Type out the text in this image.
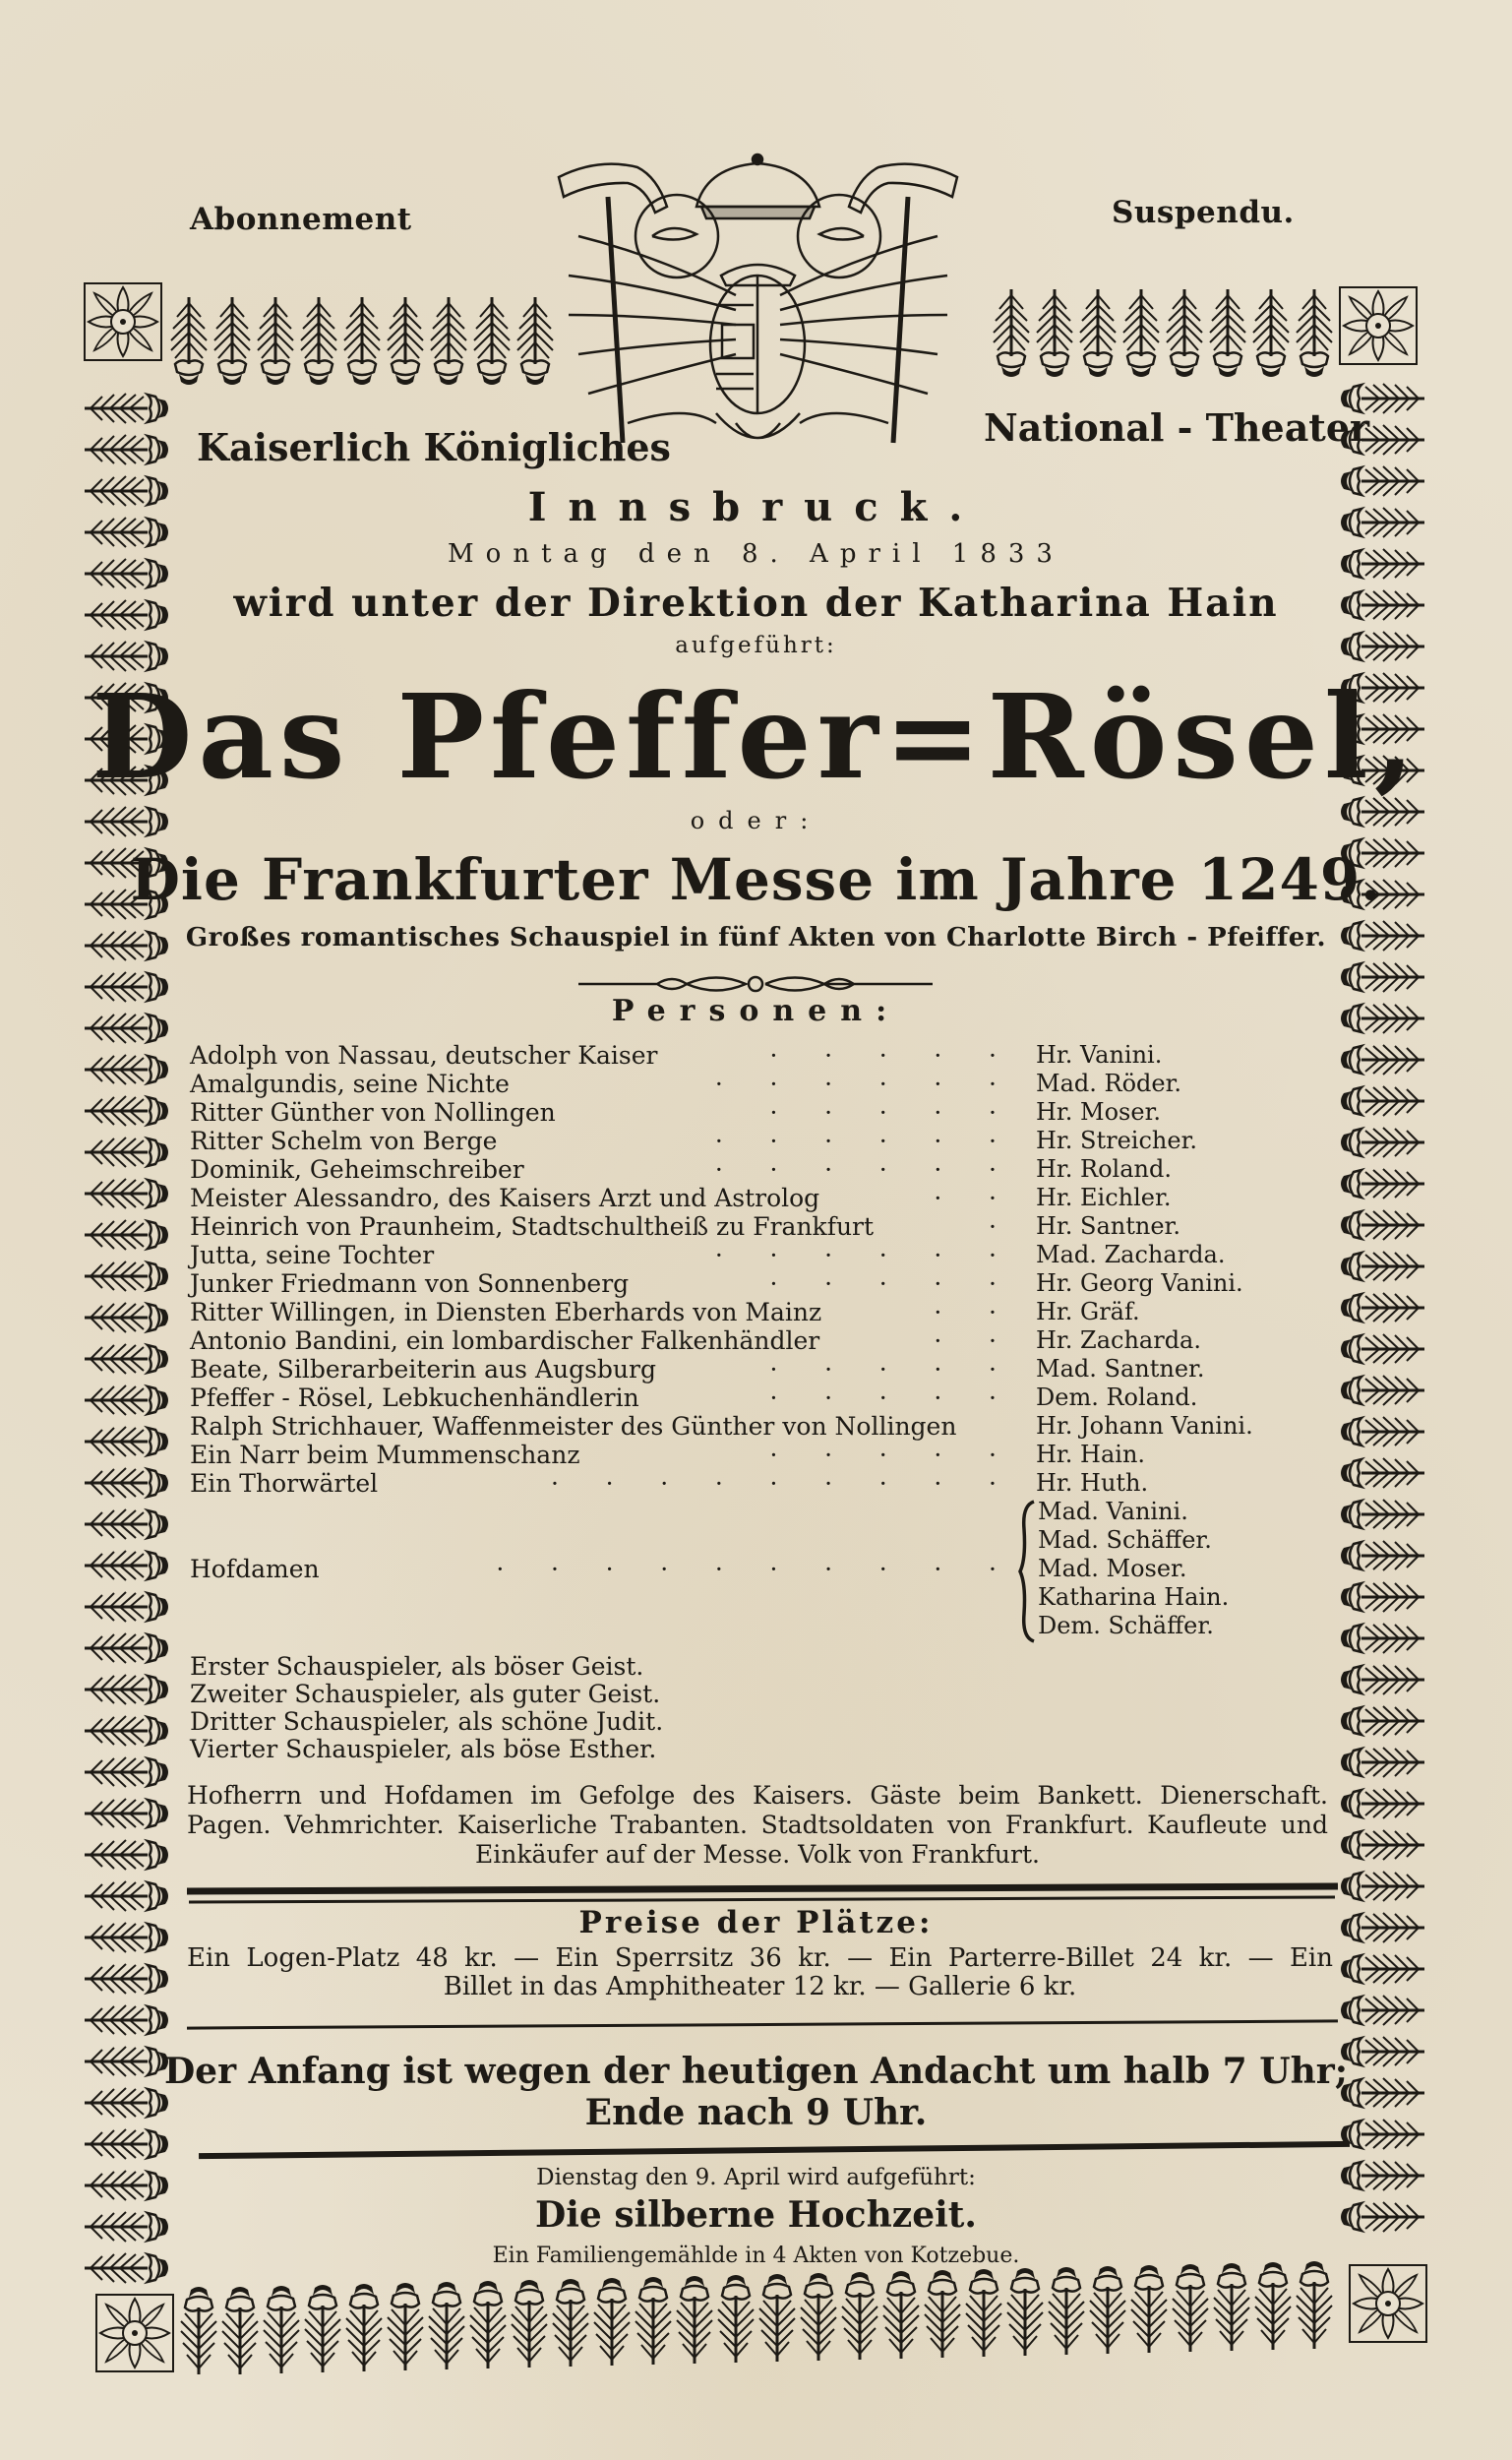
Abonnement	Suspendu.
Kaiserlich Königliches	National - Theater
Innsbruck.
Montag den 8. April 1833
wird unter der Direktion der Katharina Hain
aufgeführt:
Das Pfeffer=Rösel,
oder:
Die Frankfurter Messe im Jahre 1249.
Großes romantisches Schauspiel in fünf Akten von Charlotte Birch - Pfeiffer.
Personen:
Adolph von Nassau, deutscher Kaiser	·      ·      ·      ·      · Hr. Vanini.
Amalgundis, seine Nichte	·      ·      ·      ·      ·      · Mad. Röder.
Ritter Günther von Nollingen	·      ·      ·      ·      · Hr. Moser.
Ritter Schelm von Berge	·      ·      ·      ·      ·      · Hr. Streicher.
Dominik, Geheimschreiber	·      ·      ·      ·      ·      · Hr. Roland.
Meister Alessandro, des Kaisers Arzt und Astrolog	·      · Hr. Eichler.
Heinrich von Praunheim, Stadtschultheiß zu Frankfurt	· Hr. Santner.
Jutta, seine Tochter	·      ·      ·      ·      ·      · Mad. Zacharda.
Junker Friedmann von Sonnenberg	·      ·      ·      ·      · Hr. Georg Vanini.
Ritter Willingen, in Diensten Eberhards von Mainz	·      · Hr. Gräf.
Antonio Bandini, ein lombardischer Falkenhändler	·      · Hr. Zacharda.
Beate, Silberarbeiterin aus Augsburg	·      ·      ·      ·      · Mad. Santner.
Pfeffer - Rösel, Lebkuchenhändlerin	·      ·      ·      ·      · Dem. Roland.
Ralph Strichhauer, Waffenmeister des Günther von Nollingen	Hr. Johann Vanini.
Ein Narr beim Mummenschanz	·      ·      ·      ·      · Hr. Hain.
Ein Thorwärtel	·      ·      ·      ·      ·      ·      ·      ·      · Hr. Huth.
Hofdamen	·      ·      ·      ·      ·      ·      ·      ·      ·      ·
Mad. Vanini.
Mad. Schäffer.
Mad. Moser.
Katharina Hain.
Dem. Schäffer.
Erster Schauspieler, als böser Geist.
Zweiter Schauspieler, als guter Geist.
Dritter Schauspieler, als schöne Judit.
Vierter Schauspieler, als böse Esther.
Hofherrn und Hofdamen im Gefolge des Kaisers. Gäste beim Bankett. Dienerschaft.
Pagen. Vehmrichter. Kaiserliche Trabanten. Stadtsoldaten von Frankfurt. Kaufleute und
Einkäufer auf der Messe. Volk von Frankfurt.
Preise der Plätze:
Ein Logen-Platz 48 kr. — Ein Sperrsitz 36 kr. — Ein Parterre-Billet 24 kr. — Ein
Billet in das Amphitheater 12 kr. — Gallerie 6 kr.
Der Anfang ist wegen der heutigen Andacht um halb 7 Uhr;
Ende nach 9 Uhr.
Dienstag den 9. April wird aufgeführt:
Die silberne Hochzeit.
Ein Familiengemählde in 4 Akten von Kotzebue.
